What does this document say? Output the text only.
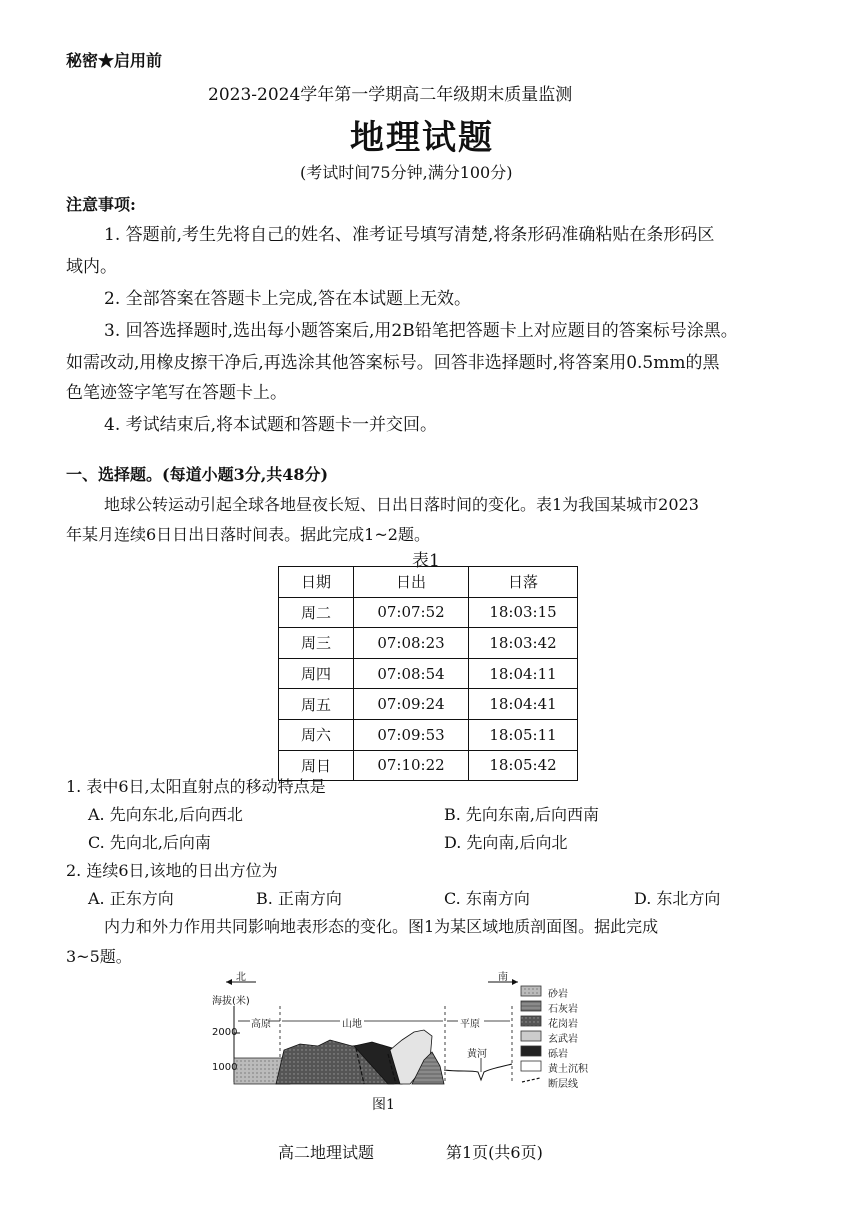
秘密★启用前
2023-2024学年第一学期高二年级期末质量监测
地理试题
(考试时间75分钟,满分100分)
注意事项:
1. 答题前,考生先将自己的姓名、准考证号填写清楚,将条形码准确粘贴在条形码区
域内。
2. 全部答案在答题卡上完成,答在本试题上无效。
3. 回答选择题时,选出每小题答案后,用2B铅笔把答题卡上对应题目的答案标号涂黑。
如需改动,用橡皮擦干净后,再选涂其他答案标号。回答非选择题时,将答案用0.5mm的黑
色笔迹签字笔写在答题卡上。
4. 考试结束后,将本试题和答题卡一并交回。
一、选择题。(每道小题3分,共48分)
地球公转运动引起全球各地昼夜长短、日出日落时间的变化。表1为我国某城市2023
年某月连续6日日出日落时间表。据此完成1~2题。
表1
日期	日出	日落
周二	07:07:52	18:03:15
周三	07:08:23	18:03:42
周四	07:08:54	18:04:11
周五	07:09:24	18:04:41
周六	07:09:53	18:05:11
周日	07:10:22	18:05:42
1. 表中6日,太阳直射点的移动特点是
A. 先向东北,后向西北	B. 先向东南,后向西南
C. 先向北,后向南	D. 先向南,后向北
2. 连续6日,该地的日出方位为
A. 正东方向	B. 正南方向	C. 东南方向	D. 东北方向
内力和外力作用共同影响地表形态的变化。图1为某区域地质剖面图。据此完成
3~5题。
北	南
海拔(米)
2000
1000
高原	山地	平原
黄河
砂岩
石灰岩
花岗岩
玄武岩
砾岩
黄土沉积
断层线
图1
高二地理试题	第1页(共6页)
